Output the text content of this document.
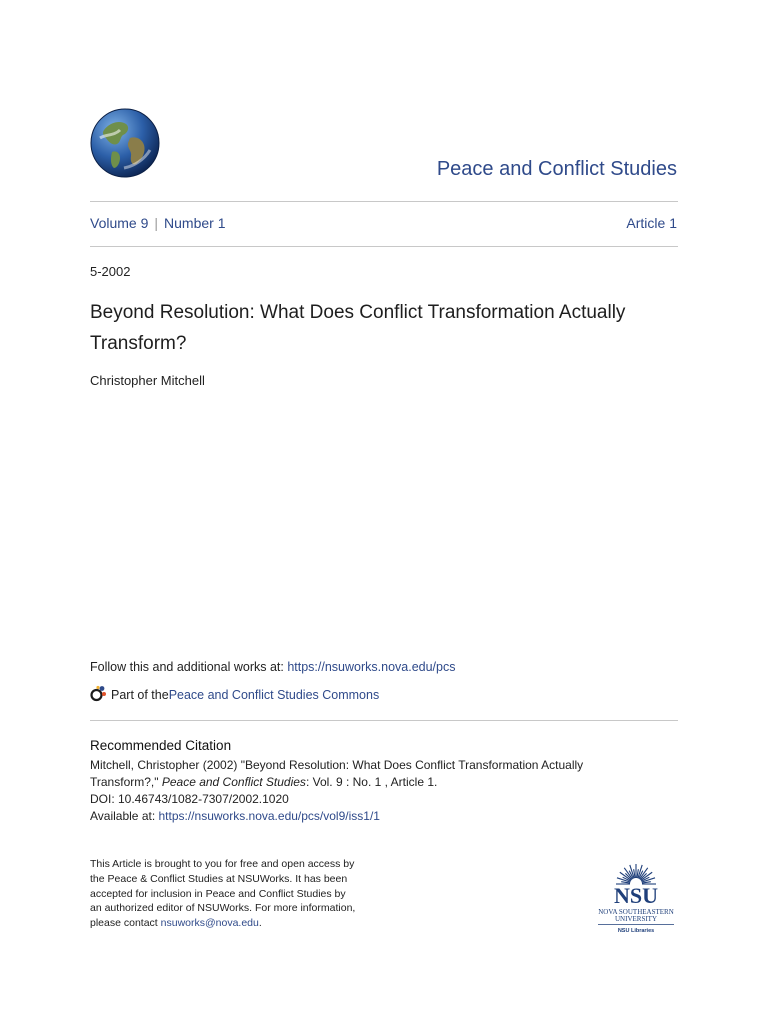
Peace and Conflict Studies
Volume 9 | Number 1	Article 1
5-2002
Beyond Resolution: What Does Conflict Transformation Actually Transform?
Christopher Mitchell
Follow this and additional works at: https://nsuworks.nova.edu/pcs
Part of the Peace and Conflict Studies Commons
Recommended Citation
Mitchell, Christopher (2002) "Beyond Resolution: What Does Conflict Transformation Actually
Transform?," Peace and Conflict Studies: Vol. 9 : No. 1 , Article 1.
DOI: 10.46743/1082-7307/2002.1020
Available at: https://nsuworks.nova.edu/pcs/vol9/iss1/1
This Article is brought to you for free and open access by
the Peace & Conflict Studies at NSUWorks. It has been
accepted for inclusion in Peace and Conflict Studies by
an authorized editor of NSUWorks. For more information,
please contact nsuworks@nova.edu.
NSU
NOVA SOUTHEASTERN
UNIVERSITY
NSU Libraries
